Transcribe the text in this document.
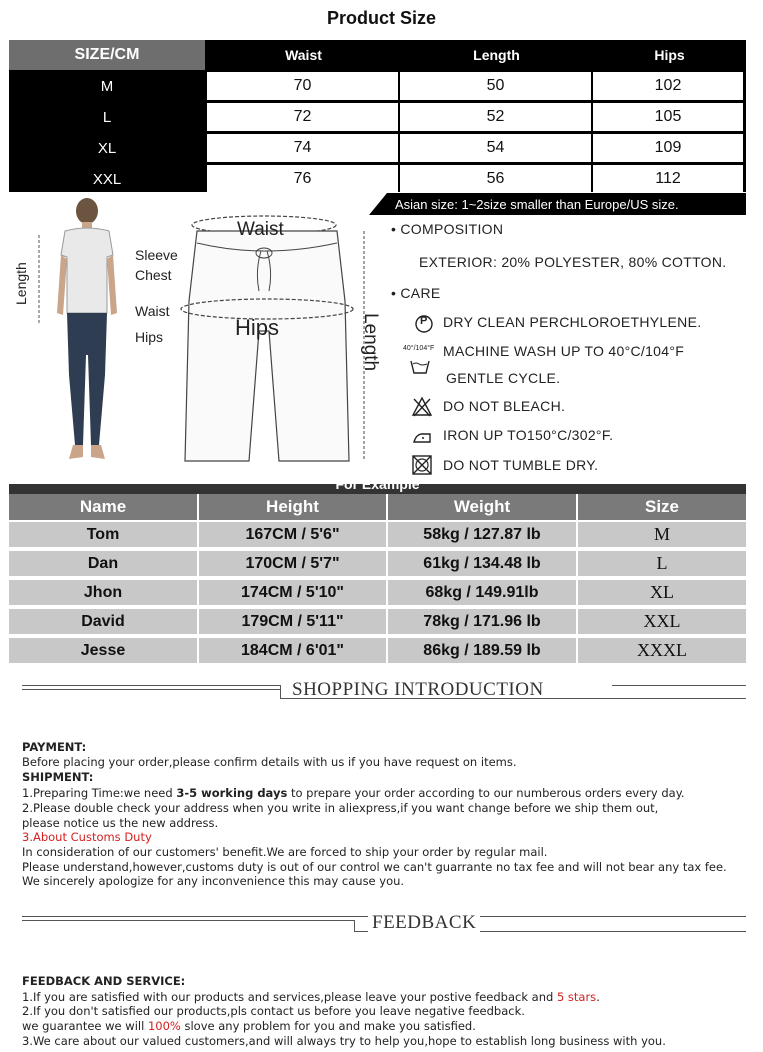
Product Size
SIZE/CM	Waist	Length	Hips
M	70	50	102
L	72	52	105
XL	74	54	109
XXL	76	56	112
Asian size: 1~2size smaller than Europe/US size.
Length
Sleeve
Chest
Waist
Hips
Waist
Hips	Length
• COMPOSITION
EXTERIOR: 20% POLYESTER, 80% COTTON.
• CARE
P DRY CLEAN PERCHLOROETHYLENE.
40°/104°F MACHINE WASH UP TO 40°C/104°F
GENTLE CYCLE.
DO NOT BLEACH.
IRON UP TO150°C/302°F.
DO NOT TUMBLE DRY.
For Example
Name	Height	Weight	Size
Tom	167CM / 5'6"	58kg / 127.87 lb	M
Dan	170CM / 5'7"	61kg / 134.48 lb	L
Jhon	174CM / 5'10"	68kg / 149.91lb	XL
David	179CM / 5'11"	78kg / 171.96 lb	XXL
Jesse	184CM / 6'01"	86kg / 189.59 lb	XXXL
SHOPPING INTRODUCTION
PAYMENT:
Before placing your order,please confirm details with us if you have request on items.
SHIPMENT:
1.Preparing Time:we need 3-5 working days to prepare your order according to our numberous orders every day.
2.Please double check your address when you write in aliexpress,if you want change before we ship them out,
please notice us the new address.
3.About Customs Duty
In consideration of our customers' benefit.We are forced to ship your order by regular mail.
Please understand,however,customs duty is out of our control we can't guarrante no tax fee and will not bear any tax fee.
We sincerely apologize for any inconvenience this may cause you.
FEEDBACK
FEEDBACK AND SERVICE:
1.If you are satisfied with our products and services,please leave your postive feedback and 5 stars.
2.If you don't satisfied our products,pls contact us before you leave negative feedback.
we guarantee we will 100% slove any problem for you and make you satisfied.
3.We care about our valued customers,and will always try to help you,hope to establish long business with you.
